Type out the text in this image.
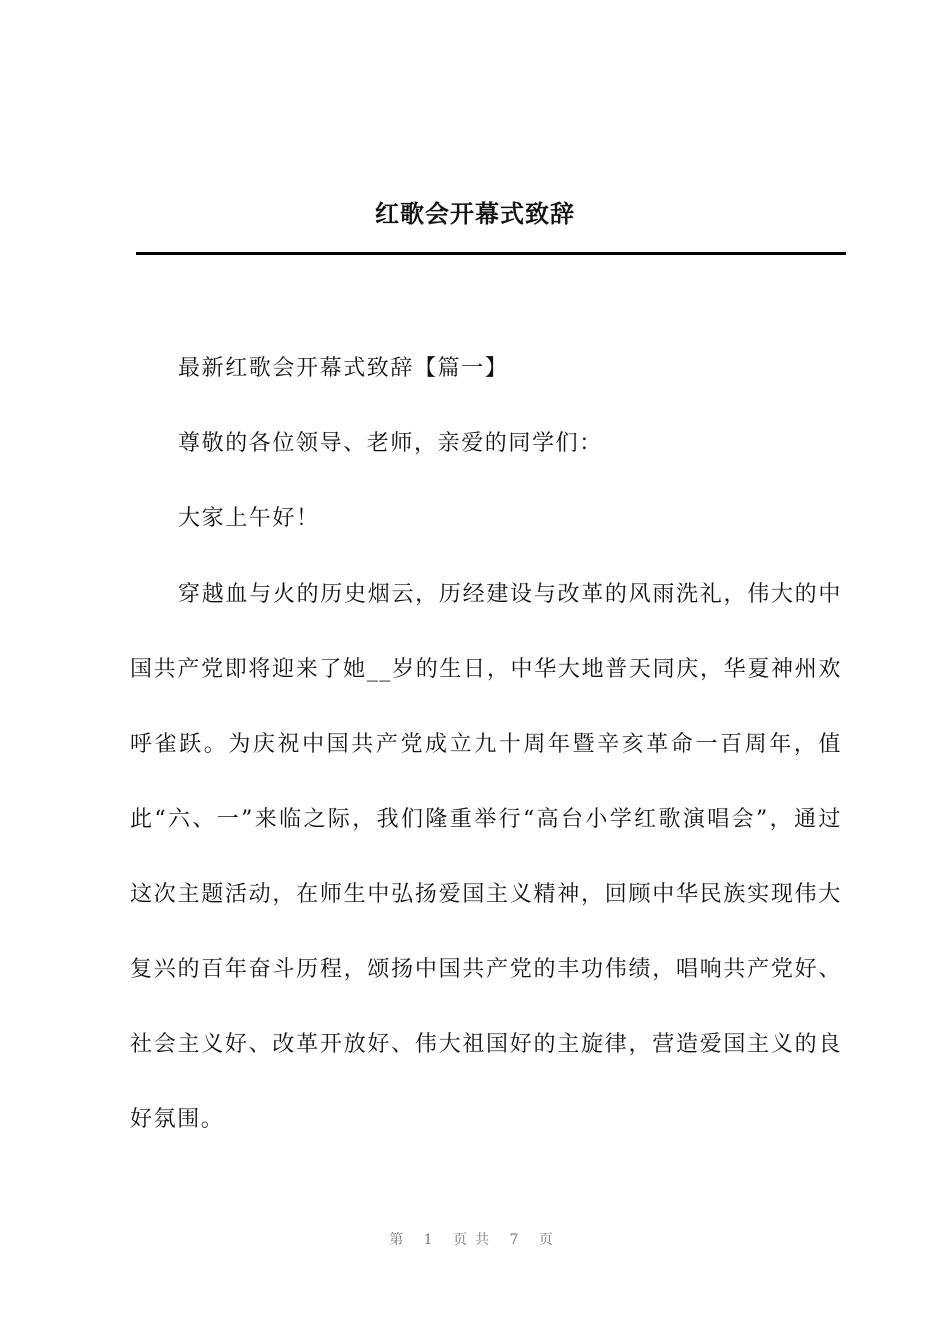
红歌会开幕式致辞

最新红歌会开幕式致辞【篇一】

尊敬的各位领导、老师，亲爱的同学们：

大家上午好！

穿越血与火的历史烟云，历经建设与改革的风雨洗礼，伟大的中国共产党即将迎来了她__岁的生日，中华大地普天同庆，华夏神州欢呼雀跃。为庆祝中国共产党成立九十周年暨辛亥革命一百周年，值此“六、一”来临之际，我们隆重举行“高台小学红歌演唱会”，通过这次主题活动，在师生中弘扬爱国主义精神，回顾中华民族实现伟大复兴的百年奋斗历程，颂扬中国共产党的丰功伟绩，唱响共产党好、社会主义好、改革开放好、伟大祖国好的主旋律，营造爱国主义的良好氛围。

第 1 页共 7 页
